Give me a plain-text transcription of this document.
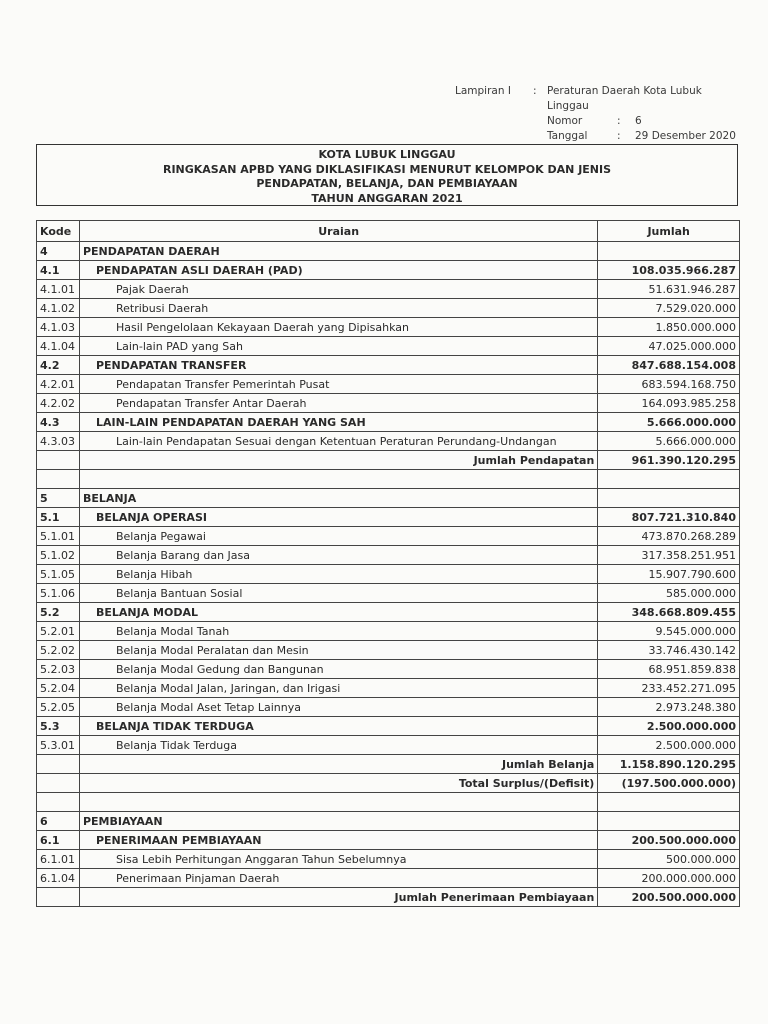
Lampiran I	: Peraturan Daerah Kota Lubuk
Linggau
Nomor	:	6
Tanggal	:	29 Desember 2020
KOTA LUBUK LINGGAU
RINGKASAN APBD YANG DIKLASIFIKASI MENURUT KELOMPOK DAN JENIS
PENDAPATAN, BELANJA, DAN PEMBIAYAAN
TAHUN ANGGARAN 2021
Kode	Uraian	Jumlah
4	PENDAPATAN DAERAH	
4.1	PENDAPATAN ASLI DAERAH (PAD)	108.035.966.287
4.1.01	Pajak Daerah	51.631.946.287
4.1.02	Retribusi Daerah	7.529.020.000
4.1.03	Hasil Pengelolaan Kekayaan Daerah yang Dipisahkan	1.850.000.000
4.1.04	Lain-lain PAD yang Sah	47.025.000.000
4.2	PENDAPATAN TRANSFER	847.688.154.008
4.2.01	Pendapatan Transfer Pemerintah Pusat	683.594.168.750
4.2.02	Pendapatan Transfer Antar Daerah	164.093.985.258
4.3	LAIN-LAIN PENDAPATAN DAERAH YANG SAH	5.666.000.000
4.3.03	Lain-lain Pendapatan Sesuai dengan Ketentuan Peraturan Perundang-Undangan	5.666.000.000
	Jumlah Pendapatan	961.390.120.295

5	BELANJA	
5.1	BELANJA OPERASI	807.721.310.840
5.1.01	Belanja Pegawai	473.870.268.289
5.1.02	Belanja Barang dan Jasa	317.358.251.951
5.1.05	Belanja Hibah	15.907.790.600
5.1.06	Belanja Bantuan Sosial	585.000.000
5.2	BELANJA MODAL	348.668.809.455
5.2.01	Belanja Modal Tanah	9.545.000.000
5.2.02	Belanja Modal Peralatan dan Mesin	33.746.430.142
5.2.03	Belanja Modal Gedung dan Bangunan	68.951.859.838
5.2.04	Belanja Modal Jalan, Jaringan, dan Irigasi	233.452.271.095
5.2.05	Belanja Modal Aset Tetap Lainnya	2.973.248.380
5.3	BELANJA TIDAK TERDUGA	2.500.000.000
5.3.01	Belanja Tidak Terduga	2.500.000.000
	Jumlah Belanja	1.158.890.120.295
	Total Surplus/(Defisit)	(197.500.000.000)

6	PEMBIAYAAN	
6.1	PENERIMAAN PEMBIAYAAN	200.500.000.000
6.1.01	Sisa Lebih Perhitungan Anggaran Tahun Sebelumnya	500.000.000
6.1.04	Penerimaan Pinjaman Daerah	200.000.000.000
	Jumlah Penerimaan Pembiayaan	200.500.000.000
